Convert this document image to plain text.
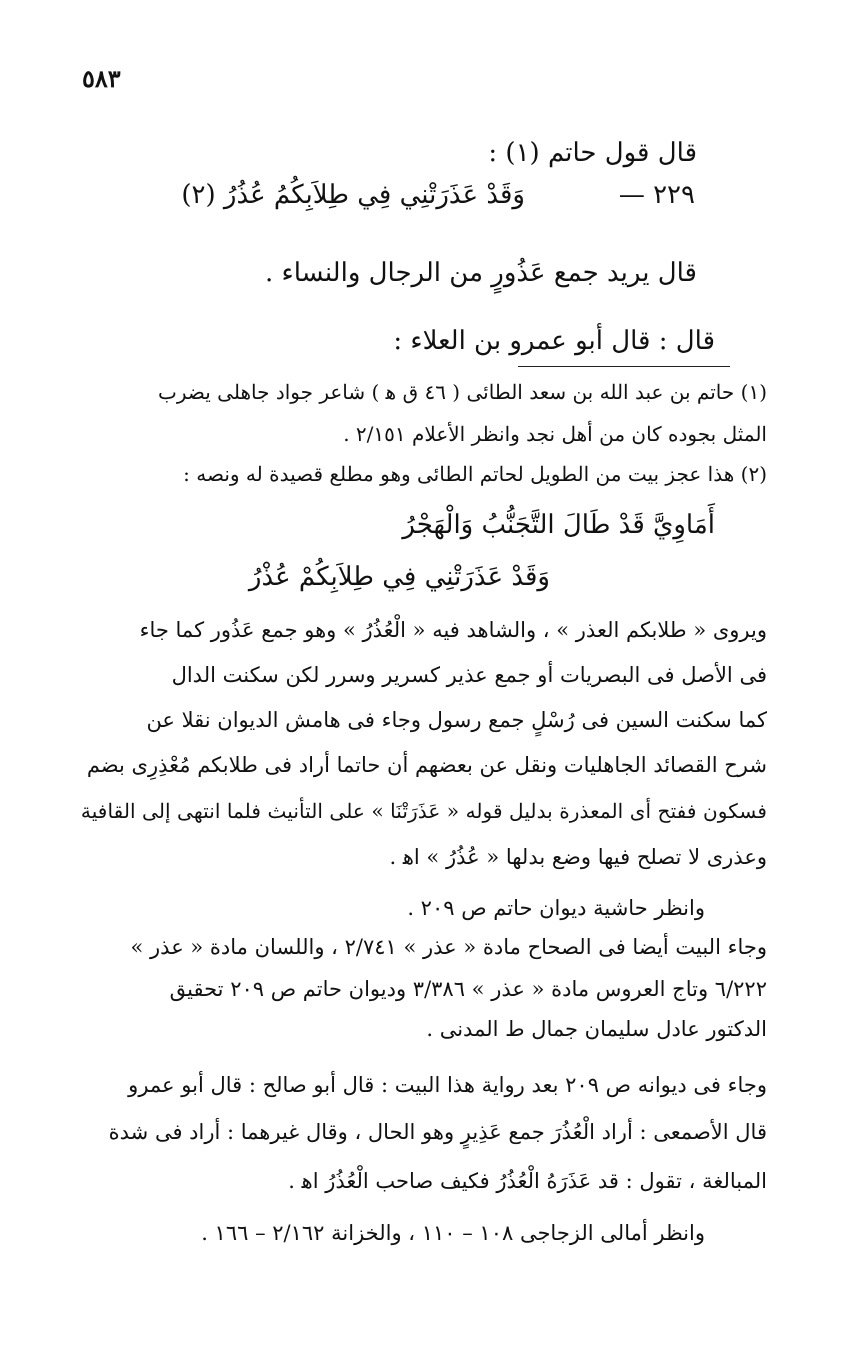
٥٨٣
قال قول حاتم (١) :
٢٢٩ —
وَقَدْ عَذَرَتْنِي فِي طِلاَبِكُمُ عُذُرُ (٢)
قال يريد جمع عَذُورٍ من الرجال والنساء .
قال : قال أبو عمرو بن العلاء :
(١) حاتم بن عبد الله بن سعد الطائى ( ٤٦ ق ﻫ ) شاعر جواد جاهلى يضرب
المثل بجوده كان من أهل نجد وانظر الأعلام ٢/١٥١ .
(٢) هذا عجز بيت من الطويل لحاتم الطائى وهو مطلع قصيدة له ونصه :
أَمَاوِيَّ قَدْ طَالَ التَّجَنُّبُ وَالْهَجْرُ
وَقَدْ عَذَرَتْنِي فِي طِلاَبِكُمْ عُذْرُ
ويروى « طلابكم العذر » ، والشاهد فيه « الْعُذُرُ » وهو جمع عَذُور كما جاء
فى الأصل فى البصريات أو جمع عذير كسرير وسرر لكن سكنت الدال
كما سكنت السين فى رُسْلٍ جمع رسول وجاء فى هامش الديوان نقلا عن
شرح القصائد الجاهليات ونقل عن بعضهم أن حاتما أراد فى طلابكم مُعْذِرِى بضم
فسكون ففتح أى المعذرة بدليل قوله « عَذَرَتْنَا » على التأنيث فلما انتهى إلى القافية
وعذرى لا تصلح فيها وضع بدلها « عُذُرُ » اﻫ .
وانظر حاشية ديوان حاتم ص ٢٠٩ .
وجاء البيت أيضا فى الصحاح مادة « عذر » ٢/٧٤١ ، واللسان مادة « عذر »
٦/٢٢٢ وتاج العروس مادة « عذر » ٣/٣٨٦ وديوان حاتم ص ٢٠٩ تحقيق
الدكتور عادل سليمان جمال ط المدنى .
وجاء فى ديوانه ص ٢٠٩ بعد رواية هذا البيت : قال أبو صالح : قال أبو عمرو
قال الأصمعى : أراد الْعُذُرَ جمع عَذِيرٍ وهو الحال ، وقال غيرهما : أراد فى شدة
المبالغة ، تقول : قد عَذَرَهُ الْعُذُرُ فكيف صاحب الْعُذُرُ اﻫ .
وانظر أمالى الزجاجى ١٠٨ – ١١٠ ، والخزانة ٢/١٦٢ – ١٦٦ .
